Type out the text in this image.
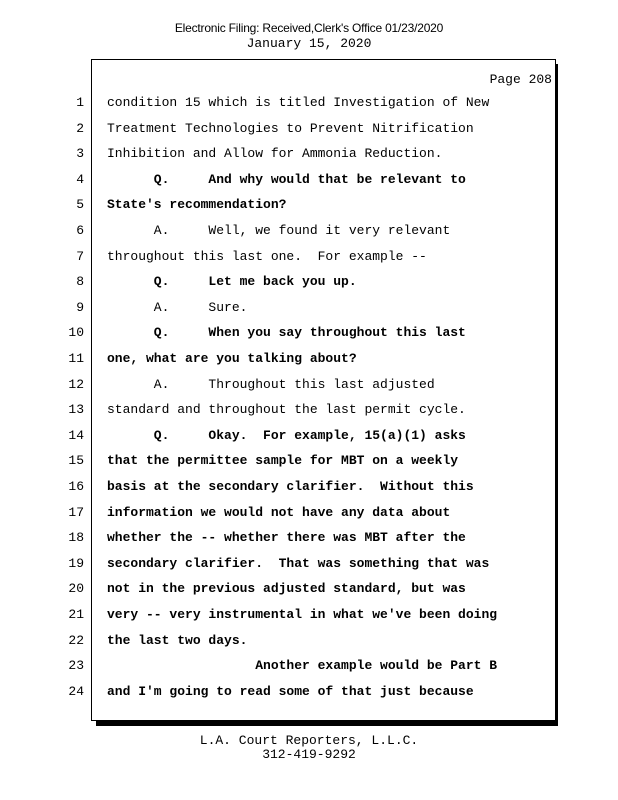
Electronic Filing: Received,Clerk's Office 01/23/2020
January 15, 2020
Page 208
1 condition 15 which is titled Investigation of New
2 Treatment Technologies to Prevent Nitrification
3 Inhibition and Allow for Ammonia Reduction.
4 Q.     And why would that be relevant to
5 State's recommendation?
6 A.     Well, we found it very relevant
7 throughout this last one.  For example --
8 Q.     Let me back you up.
9 A.     Sure.
10 Q.     When you say throughout this last
11 one, what are you talking about?
12 A.     Throughout this last adjusted
13 standard and throughout the last permit cycle.
14 Q.     Okay.  For example, 15(a)(1) asks
15 that the permittee sample for MBT on a weekly
16 basis at the secondary clarifier.  Without this
17 information we would not have any data about
18 whether the -- whether there was MBT after the
19 secondary clarifier.  That was something that was
20 not in the previous adjusted standard, but was
21 very -- very instrumental in what we've been doing
22 the last two days.
23 Another example would be Part B
24 and I'm going to read some of that just because
L.A. Court Reporters, L.L.C.
312-419-9292
